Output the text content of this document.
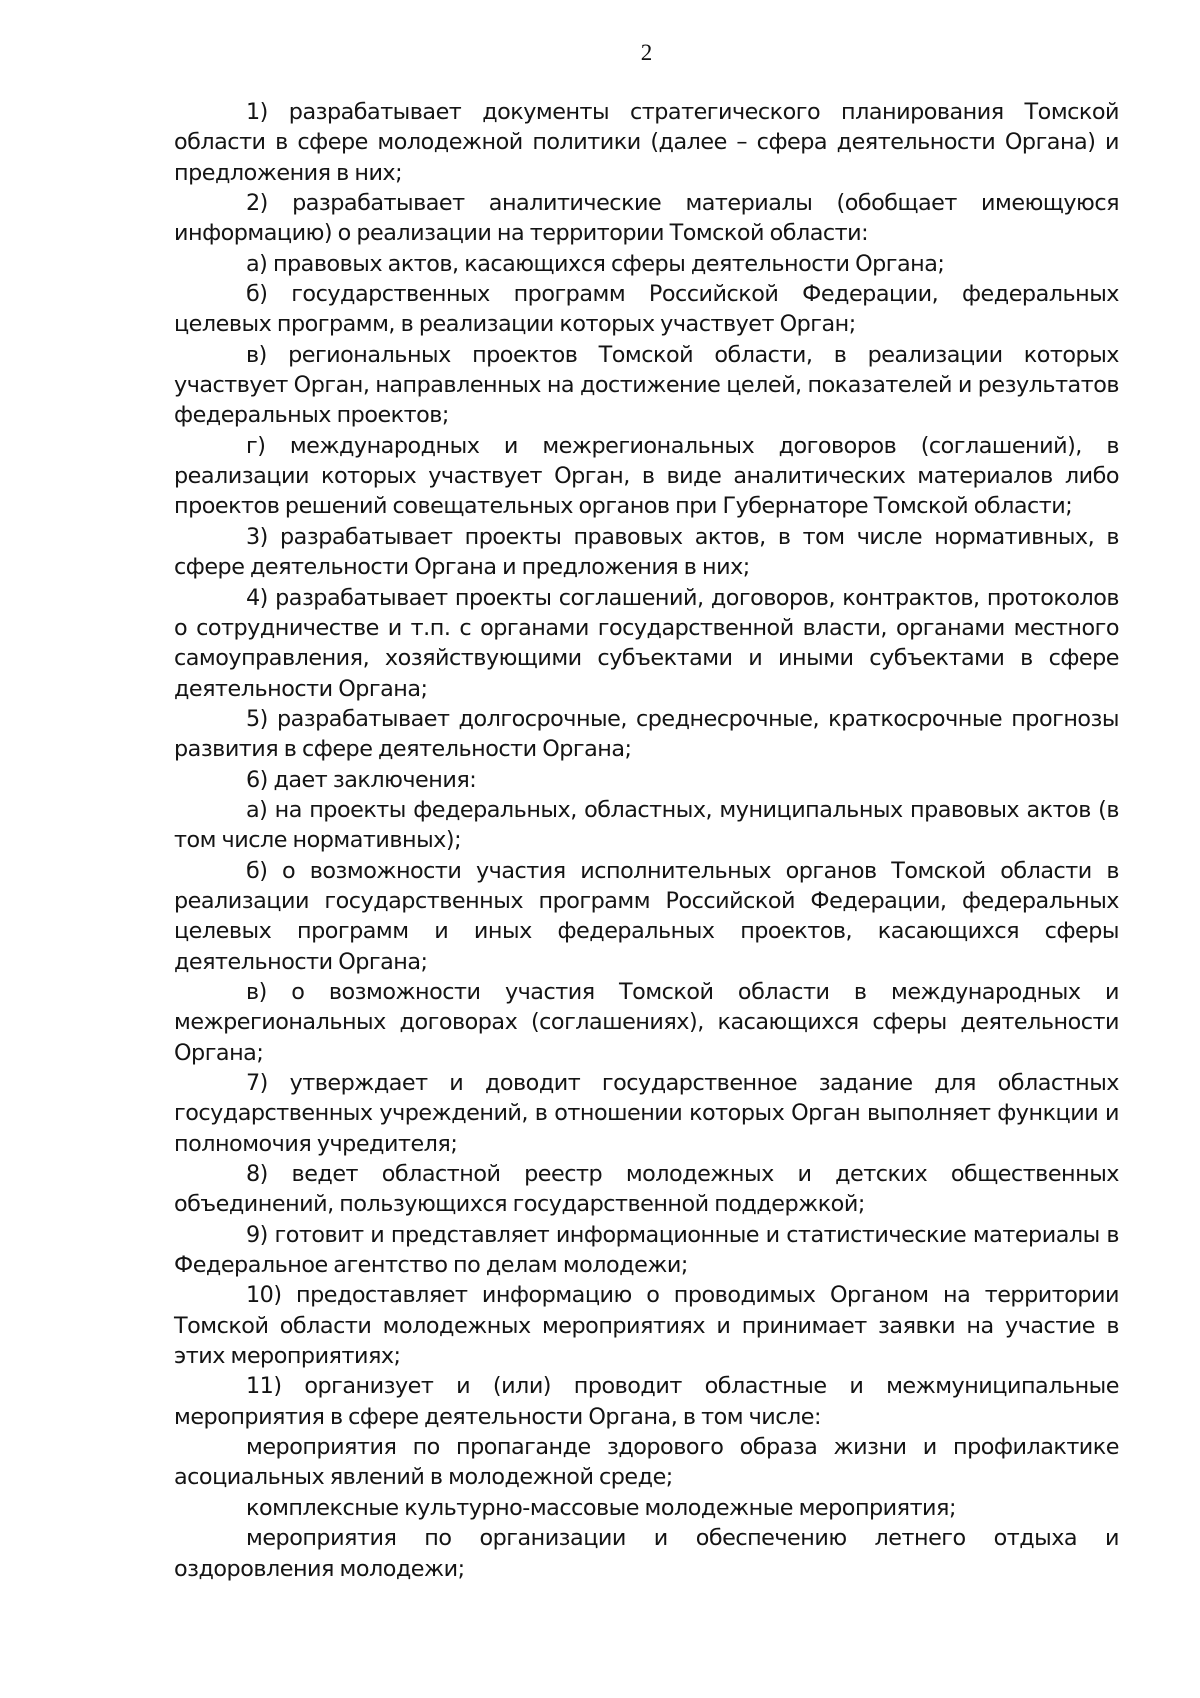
2

1) разрабатывает документы стратегического планирования Томской области в сфере молодежной политики (далее – сфера деятельности Органа) и предложения в них;

2) разрабатывает аналитические материалы (обобщает имеющуюся информацию) о реализации на территории Томской области:

а) правовых актов, касающихся сферы деятельности Органа;

б) государственных программ Российской Федерации, федеральных целевых программ, в реализации которых участвует Орган;

в) региональных проектов Томской области, в реализации которых участвует Орган, направленных на достижение целей, показателей и результатов федеральных проектов;

г) международных и межрегиональных договоров (соглашений), в реализации которых участвует Орган, в виде аналитических материалов либо проектов решений совещательных органов при Губернаторе Томской области;

3) разрабатывает проекты правовых актов, в том числе нормативных, в сфере деятельности Органа и предложения в них;

4) разрабатывает проекты соглашений, договоров, контрактов, протоколов о сотрудничестве и т.п. с органами государственной власти, органами местного самоуправления, хозяйствующими субъектами и иными субъектами в сфере деятельности Органа;

5) разрабатывает долгосрочные, среднесрочные, краткосрочные прогнозы развития в сфере деятельности Органа;

6) дает заключения:

а) на проекты федеральных, областных, муниципальных правовых актов (в том числе нормативных);

б) о возможности участия исполнительных органов Томской области в реализации государственных программ Российской Федерации, федеральных целевых программ и иных федеральных проектов, касающихся сферы деятельности Органа;

в) о возможности участия Томской области в международных и межрегиональных договорах (соглашениях), касающихся сферы деятельности Органа;

7) утверждает и доводит государственное задание для областных государственных учреждений, в отношении которых Орган выполняет функции и полномочия учредителя;

8) ведет областной реестр молодежных и детских общественных объединений, пользующихся государственной поддержкой;

9) готовит и представляет информационные и статистические материалы в Федеральное агентство по делам молодежи;

10) предоставляет информацию о проводимых Органом на территории Томской области молодежных мероприятиях и принимает заявки на участие в этих мероприятиях;

11) организует и (или) проводит областные и межмуниципальные мероприятия в сфере деятельности Органа, в том числе:

мероприятия по пропаганде здорового образа жизни и профилактике асоциальных явлений в молодежной среде;

комплексные культурно-массовые молодежные мероприятия;

мероприятия по организации и обеспечению летнего отдыха и оздоровления молодежи;
